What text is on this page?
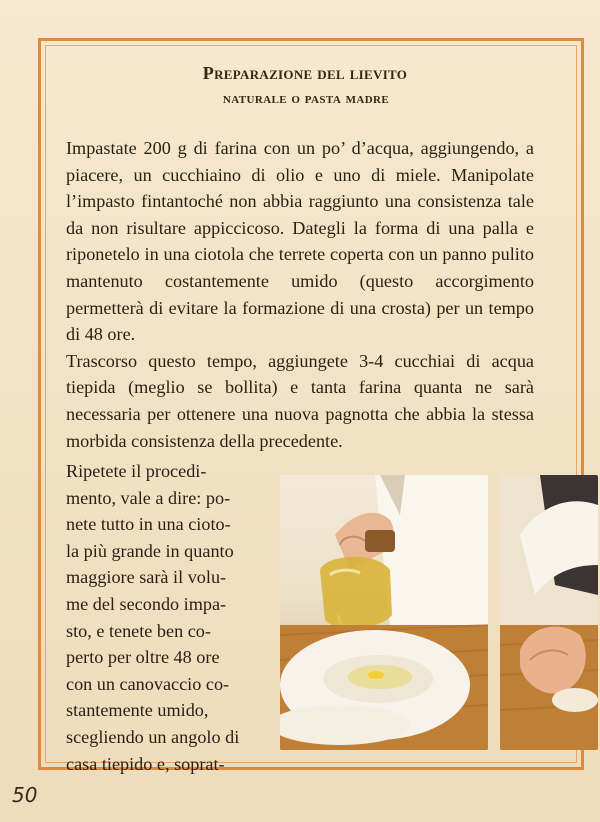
Preparazione del lievito
naturale o pasta madre

Impastate 200 g di farina con un po’ d’acqua, aggiungendo, a piacere, un cucchiaino di olio e uno di miele. Manipolate l’impasto fintantoché non abbia raggiunto una consistenza tale da non risultare appiccicoso. Dategli la forma di una palla e riponetelo in una ciotola che terrete coperta con un panno pulito mantenuto costantemente umido (questo accorgimento permetterà di evitare la formazione di una crosta) per un tempo di 48 ore.

Trascorso questo tempo, aggiungete 3-4 cucchiai di acqua tiepida (meglio se bollita) e tanta farina quanta ne sarà necessaria per ottenere una nuova pagnotta che abbia la stessa morbida consistenza della precedente.

Ripetete il procedi-
mento, vale a dire: po-
nete tutto in una cioto-
la più grande in quanto
maggiore sarà il volu-
me del secondo impa-
sto, e tenete ben co-
perto per oltre 48 ore
con un canovaccio co-
stantemente umido,
scegliendo un angolo di
casa tiepido e, soprat-
50
